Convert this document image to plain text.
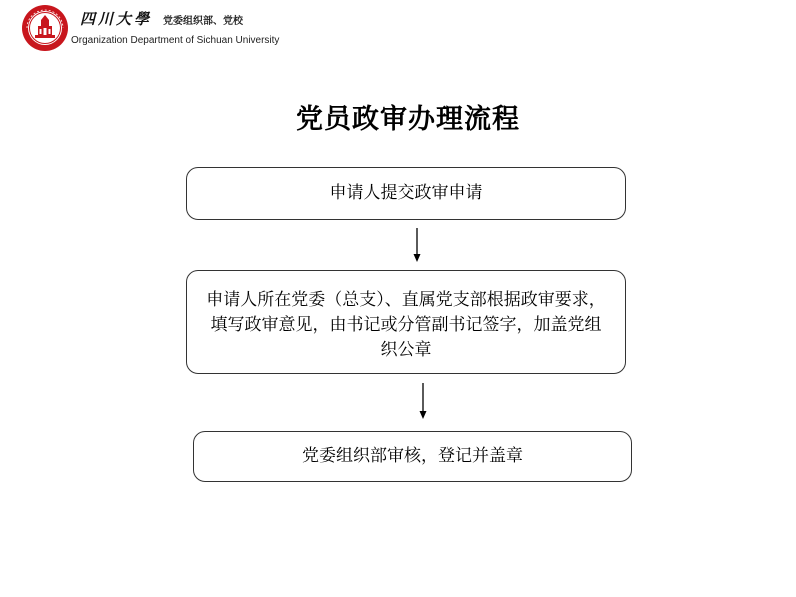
四川大學 党委组织部、党校
Organization Department of Sichuan University
党员政审办理流程
申请人提交政审申请
申请人所在党委（总支）、直属党支部根据政审要求，填写政审意见，由书记或分管副书记签字，加盖党组织公章
党委组织部审核，登记并盖章
